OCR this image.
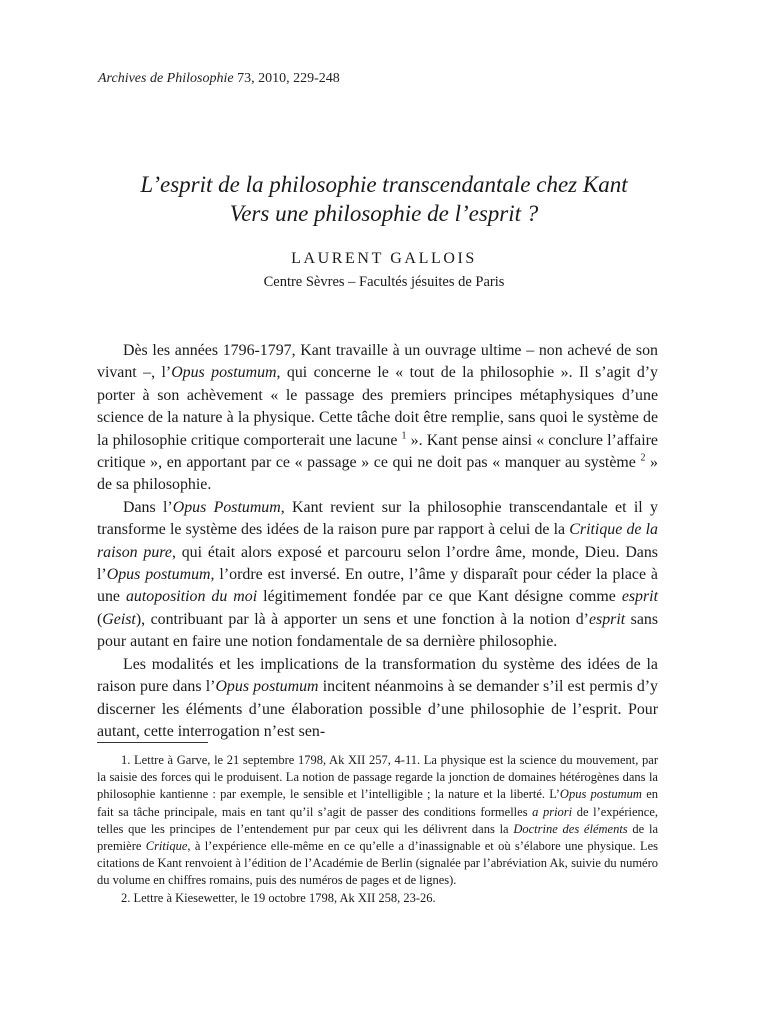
Archives de Philosophie 73, 2010, 229-248
L’esprit de la philosophie transcendantale chez Kant
Vers une philosophie de l’esprit ?
LAURENT GALLOIS
Centre Sèvres – Facultés jésuites de Paris

Dès les années 1796-1797, Kant travaille à un ouvrage ultime – non achevé de son vivant –, l’Opus postumum, qui concerne le « tout de la philosophie ». Il s’agit d’y porter à son achèvement « le passage des premiers principes métaphysiques d’une science de la nature à la physique. Cette tâche doit être remplie, sans quoi le système de la philosophie critique comporterait une lacune $^1$ ». Kant pense ainsi « conclure l’affaire critique », en apportant par ce « passage » ce qui ne doit pas « manquer au système $^2$ » de sa philosophie.

Dans l’Opus Postumum, Kant revient sur la philosophie transcendantale et il y transforme le système des idées de la raison pure par rapport à celui de la Critique de la raison pure, qui était alors exposé et parcouru selon l’ordre âme, monde, Dieu. Dans l’Opus postumum, l’ordre est inversé. En outre, l’âme y disparaît pour céder la place à une autoposition du moi légitimement fondée par ce que Kant désigne comme esprit (Geist), contribuant par là à apporter un sens et une fonction à la notion d’esprit sans pour autant en faire une notion fondamentale de sa dernière philosophie.

Les modalités et les implications de la transformation du système des idées de la raison pure dans l’Opus postumum incitent néanmoins à se demander s’il est permis d’y discerner les éléments d’une élaboration possible d’une philosophie de l’esprit. Pour autant, cette interrogation n’est sen-

1. Lettre à Garve, le 21 septembre 1798, Ak XII 257, 4-11. La physique est la science du mouvement, par la saisie des forces qui le produisent. La notion de passage regarde la jonction de domaines hétérogènes dans la philosophie kantienne : par exemple, le sensible et l’intelligible ; la nature et la liberté. L’Opus postumum en fait sa tâche principale, mais en tant qu’il s’agit de passer des conditions formelles a priori de l’expérience, telles que les principes de l’entendement pur par ceux qui les délivrent dans la Doctrine des éléments de la première Critique, à l’expérience elle-même en ce qu’elle a d’inassignable et où s’élabore une physique. Les citations de Kant renvoient à l’édition de l’Académie de Berlin (signalée par l’abréviation Ak, suivie du numéro du volume en chiffres romains, puis des numéros de pages et de lignes).

2. Lettre à Kiesewetter, le 19 octobre 1798, Ak XII 258, 23-26.
